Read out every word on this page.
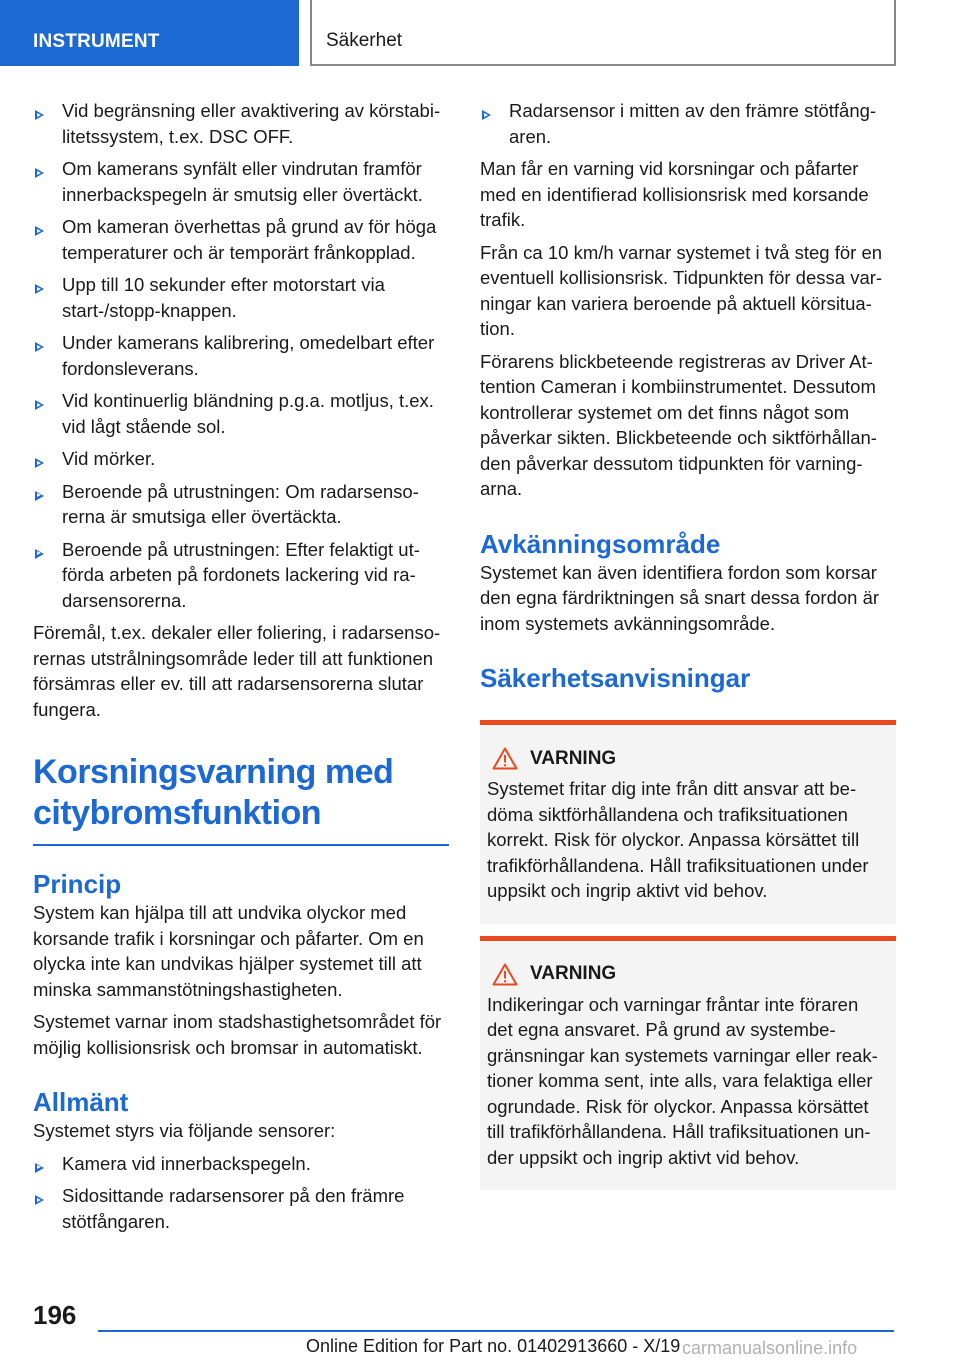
INSTRUMENT	Säkerhet
Vid begränsning eller avaktivering av körstabilitetssystem, t.ex. DSC OFF.
Om kamerans synfält eller vindrutan framför innerbackspegeln är smutsig eller övertäckt.
Om kameran överhettas på grund av för höga temperaturer och är temporärt frånkopplad.
Upp till 10 sekunder efter motorstart via start-/stopp-knappen.
Under kamerans kalibrering, omedelbart efter fordonsleverans.
Vid kontinuerlig bländning p.g.a. motljus, t.ex. vid lågt stående sol.
Vid mörker.
Beroende på utrustningen: Om radarsensorerna är smutsiga eller övertäckta.
Beroende på utrustningen: Efter felaktigt utförda arbeten på fordonets lackering vid radarsensorerna.

Föremål, t.ex. dekaler eller foliering, i radarsensorernas utstrålningsområde leder till att funktionen försämras eller ev. till att radarsensorerna slutar fungera.

Korsningsvarning med citybromsfunktion
Princip

System kan hjälpa till att undvika olyckor med korsande trafik i korsningar och påfarter. Om en olycka inte kan undvikas hjälper systemet till att minska sammanstötningshastigheten.

Systemet varnar inom stadshastighetsområdet för möjlig kollisionsrisk och bromsar in automatiskt.

Allmänt

Systemet styrs via följande sensorer:

Kamera vid innerbackspegeln.
Sidosittande radarsensorer på den främre stötfångaren.
Radarsensor i mitten av den främre stötfångaren.

Man får en varning vid korsningar och påfarter med en identifierad kollisionsrisk med korsande trafik.

Från ca 10 km/h varnar systemet i två steg för en eventuell kollisionsrisk. Tidpunkten för dessa varningar kan variera beroende på aktuell körsituation.

Förarens blickbeteende registreras av Driver Attention Cameran i kombiinstrumentet. Dessutom kontrollerar systemet om det finns något som påverkar sikten. Blickbeteende och siktförhållanden påverkar dessutom tidpunkten för varningarna.

Avkänningsområde

Systemet kan även identifiera fordon som korsar den egna färdriktningen så snart dessa fordon är inom systemets avkänningsområde.

Säkerhetsanvisningar
VARNING

Systemet fritar dig inte från ditt ansvar att bedöma siktförhållandena och trafiksituationen korrekt. Risk för olyckor. Anpassa körsättet till trafikförhållandena. Håll trafiksituationen under uppsikt och ingrip aktivt vid behov.

VARNING

Indikeringar och varningar fråntar inte föraren det egna ansvaret. På grund av systembegränsningar kan systemets varningar eller reaktioner komma sent, inte alls, vara felaktiga eller ogrundade. Risk för olyckor. Anpassa körsättet till trafikförhållandena. Håll trafiksituationen under uppsikt och ingrip aktivt vid behov.

196
Online Edition for Part no. 01402913660 - X/19 carmanualsonline.info
